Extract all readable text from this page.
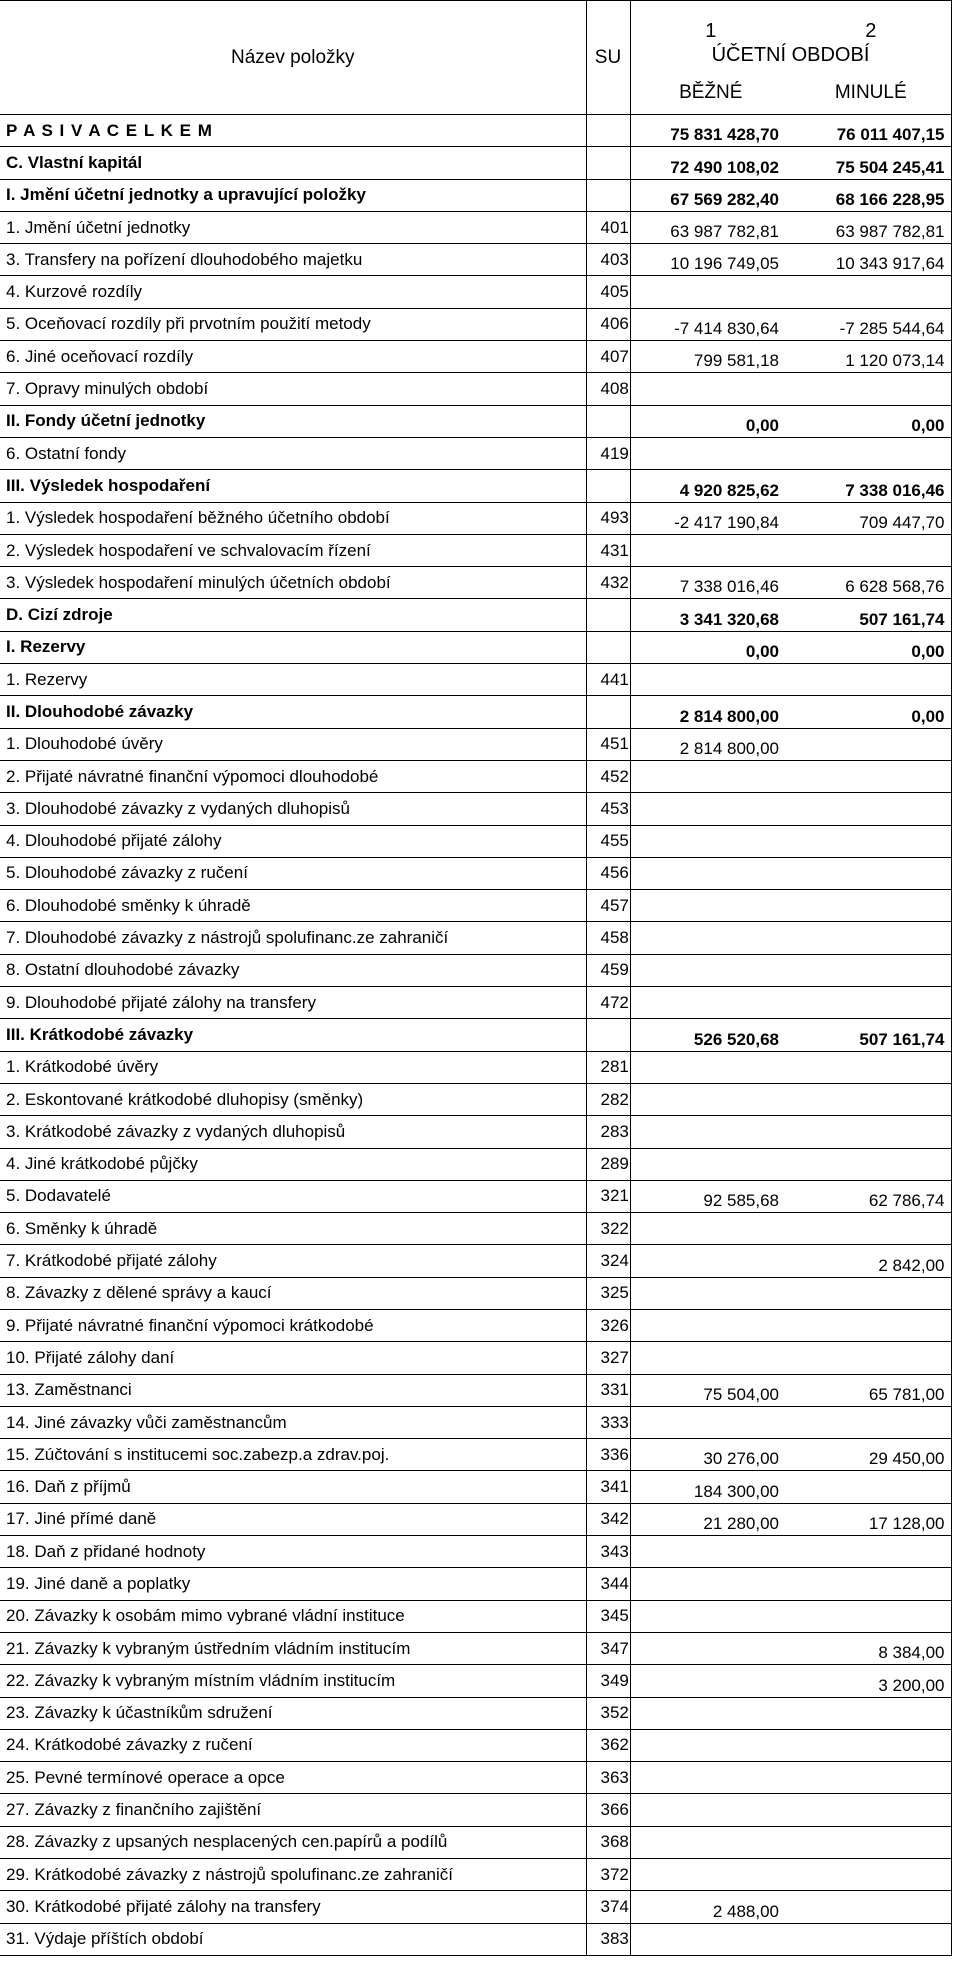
Název položky	SU	1	2
		ÚČETNÍ OBDOBÍ	
		BĚŽNÉ	MINULÉ
P A S I V A C E L K E M		75 831 428,70	76 011 407,15
C. Vlastní kapitál		72 490 108,02	75 504 245,41
I. Jmění účetní jednotky a upravující položky		67 569 282,40	68 166 228,95
1. Jmění účetní jednotky	401	63 987 782,81	63 987 782,81
3. Transfery na pořízení dlouhodobého majetku	403	10 196 749,05	10 343 917,64
4. Kurzové rozdíly	405		
5. Oceňovací rozdíly při prvotním použití metody	406	-7 414 830,64	-7 285 544,64
6. Jiné oceňovací rozdíly	407	799 581,18	1 120 073,14
7. Opravy minulých období	408		
II. Fondy účetní jednotky		0,00	0,00
6. Ostatní fondy	419		
III. Výsledek hospodaření		4 920 825,62	7 338 016,46
1. Výsledek hospodaření běžného účetního období	493	-2 417 190,84	709 447,70
2. Výsledek hospodaření ve schvalovacím řízení	431		
3. Výsledek hospodaření minulých účetních období	432	7 338 016,46	6 628 568,76
D. Cizí zdroje		3 341 320,68	507 161,74
I. Rezervy		0,00	0,00
1. Rezervy	441		
II. Dlouhodobé závazky		2 814 800,00	0,00
1. Dlouhodobé úvěry	451	2 814 800,00	
2. Přijaté návratné finanční výpomoci dlouhodobé	452		
3. Dlouhodobé závazky z vydaných dluhopisů	453		
4. Dlouhodobé přijaté zálohy	455		
5. Dlouhodobé závazky z ručení	456		
6. Dlouhodobé směnky k úhradě	457		
7. Dlouhodobé závazky z nástrojů spolufinanc.ze zahraničí	458		
8. Ostatní dlouhodobé závazky	459		
9. Dlouhodobé přijaté zálohy na transfery	472		
III. Krátkodobé závazky		526 520,68	507 161,74
1. Krátkodobé úvěry	281		
2. Eskontované krátkodobé dluhopisy (směnky)	282		
3. Krátkodobé závazky z vydaných dluhopisů	283		
4. Jiné krátkodobé půjčky	289		
5. Dodavatelé	321	92 585,68	62 786,74
6. Směnky k úhradě	322		
7. Krátkodobé přijaté zálohy	324		2 842,00
8. Závazky z dělené správy a kaucí	325		
9. Přijaté návratné finanční výpomoci krátkodobé	326		
10. Přijaté zálohy daní	327		
13. Zaměstnanci	331	75 504,00	65 781,00
14. Jiné závazky vůči zaměstnancům	333		
15. Zúčtování s institucemi soc.zabezp.a zdrav.poj.	336	30 276,00	29 450,00
16. Daň z příjmů	341	184 300,00	
17. Jiné přímé daně	342	21 280,00	17 128,00
18. Daň z přidané hodnoty	343		
19. Jiné daně a poplatky	344		
20. Závazky k osobám mimo vybrané vládní instituce	345		
21. Závazky k vybraným ústředním vládním institucím	347		8 384,00
22. Závazky k vybraným místním vládním institucím	349		3 200,00
23. Závazky k účastníkům sdružení	352		
24. Krátkodobé závazky z ručení	362		
25. Pevné termínové operace a opce	363		
27. Závazky z finančního zajištění	366		
28. Závazky z upsaných nesplacených cen.papírů a podílů	368		
29. Krátkodobé závazky z nástrojů spolufinanc.ze zahraničí	372		
30. Krátkodobé přijaté zálohy na transfery	374	2 488,00	
31. Výdaje příštích období	383		
